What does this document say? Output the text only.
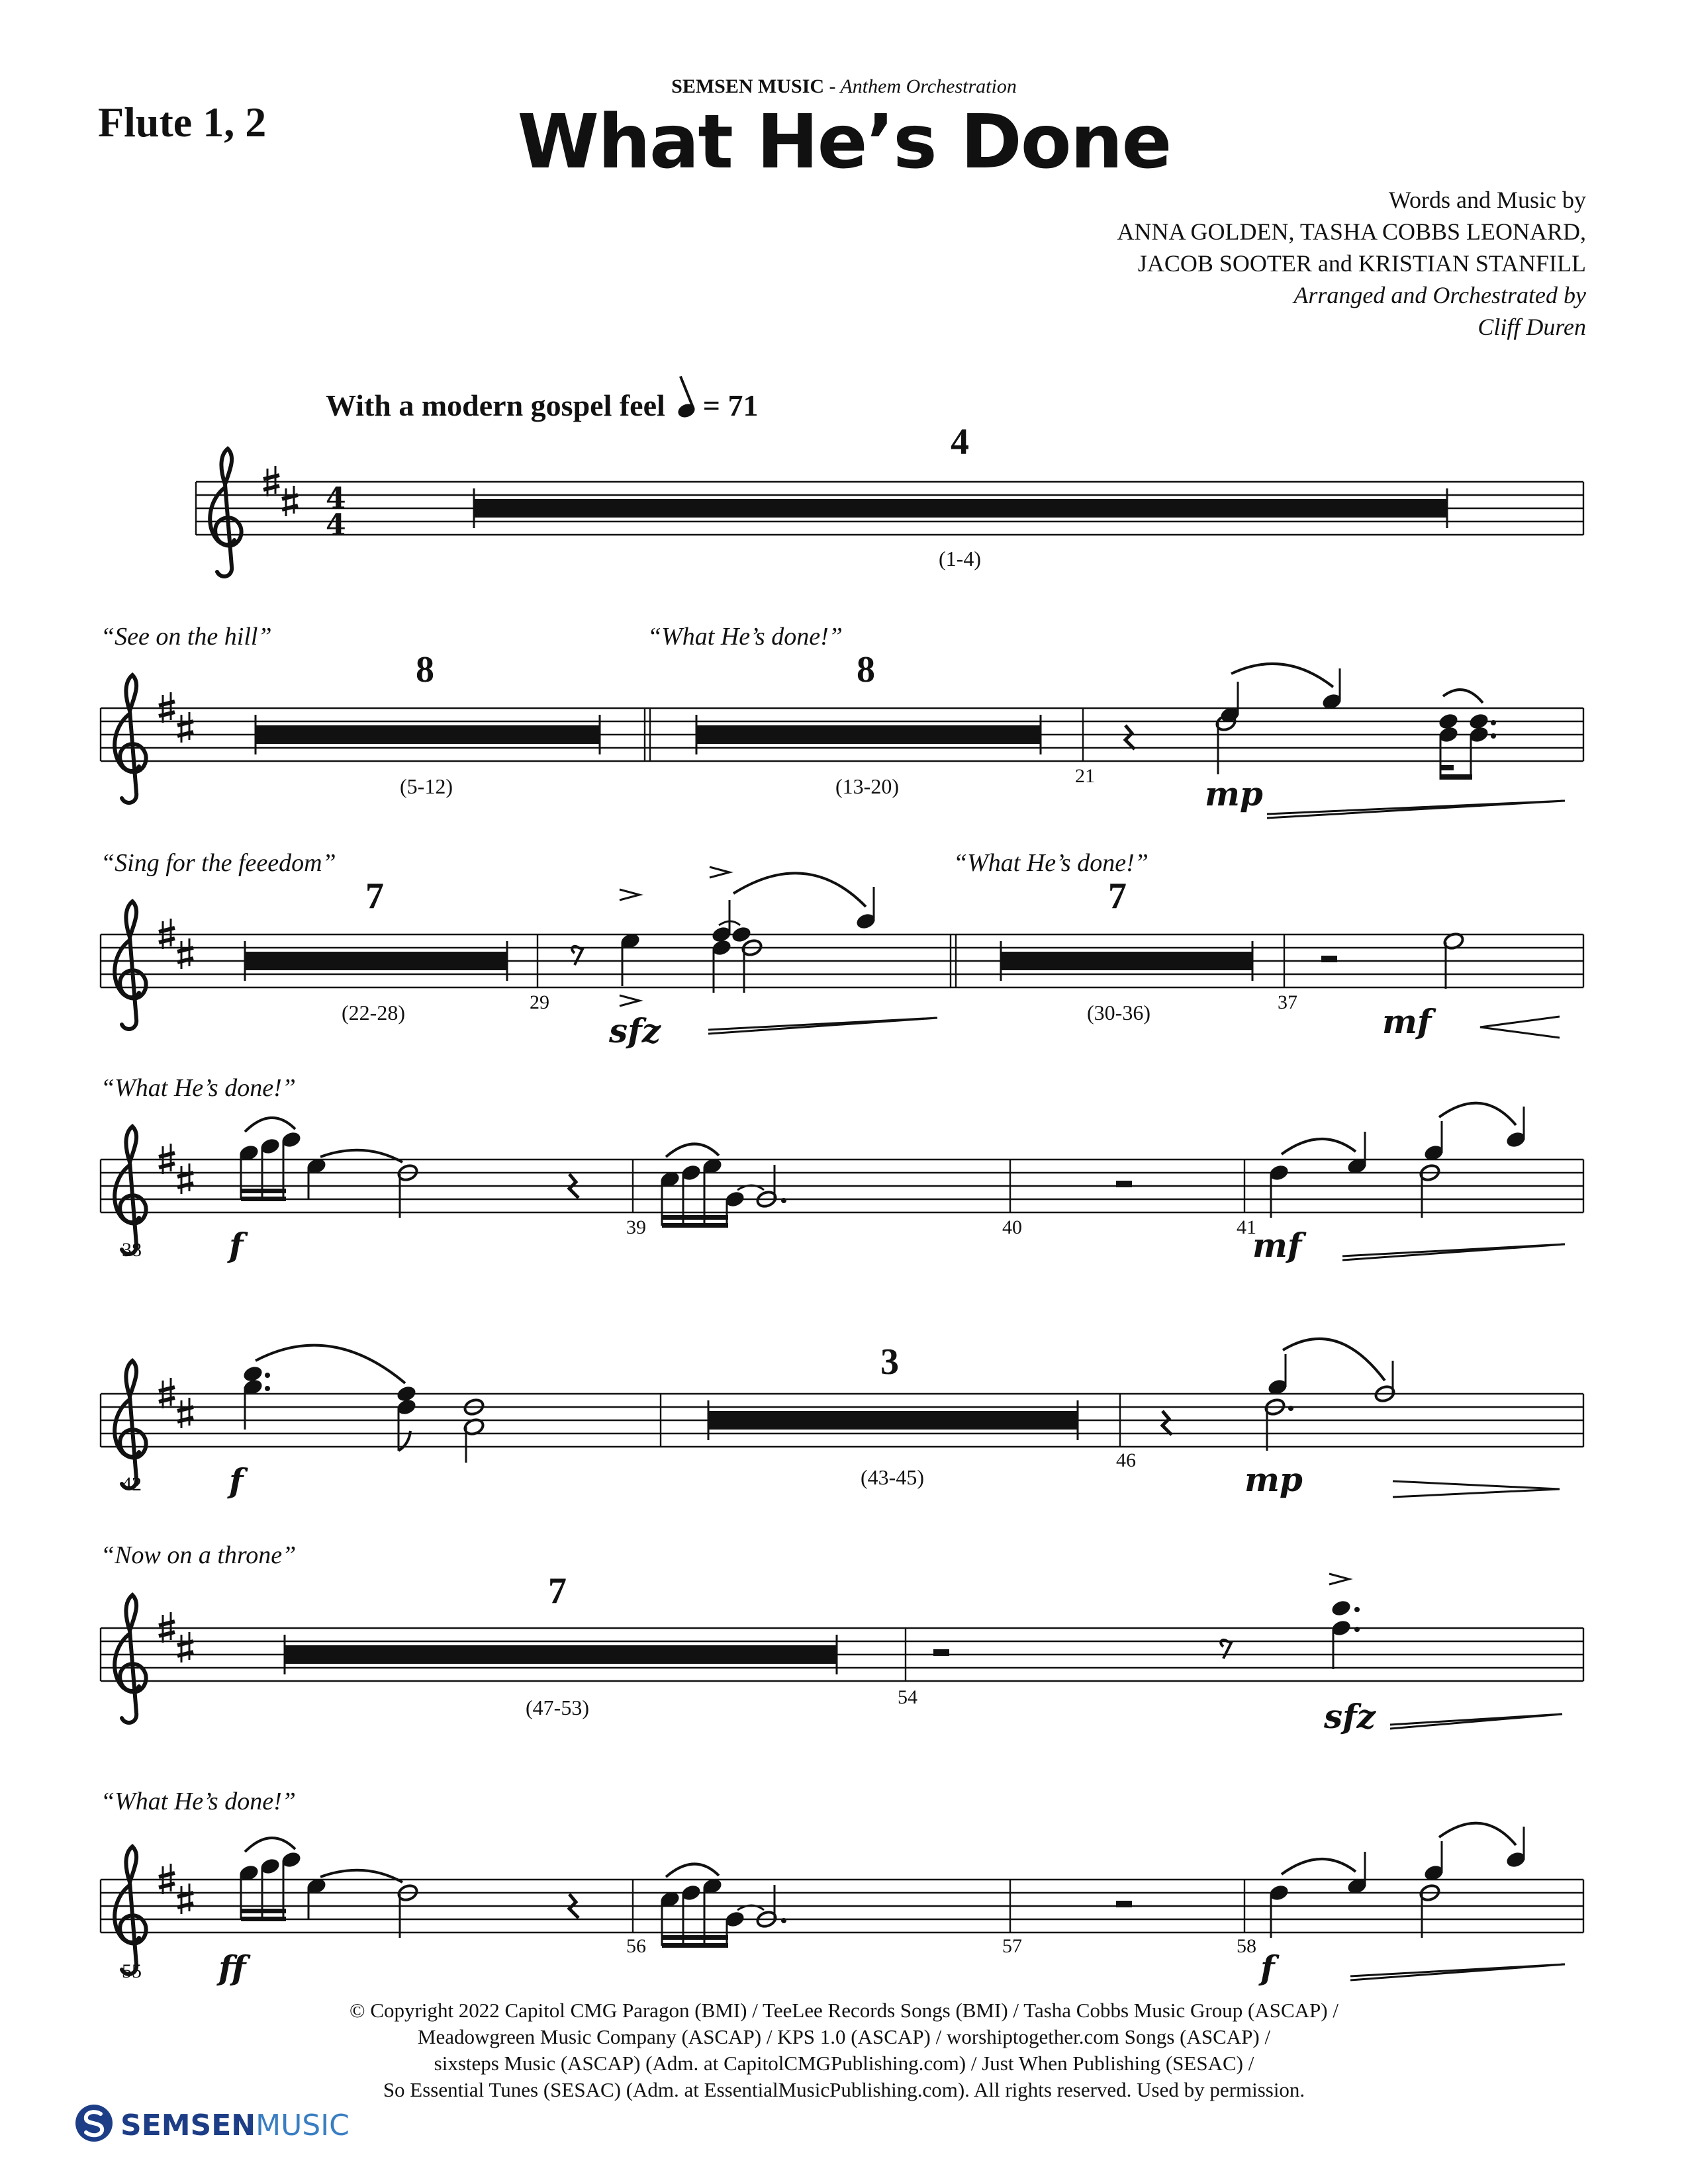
Flute 1, 2
SEMSEN MUSIC - Anthem Orchestration
What He’s Done
Words and Music by
ANNA GOLDEN, TASHA COBBS LEONARD,
JACOB SOOTER and KRISTIAN STANFILL
Arranged and Orchestrated by
Cliff Duren
With a modern gospel feel = 71
“See on the hill”	“What He’s done!”
“Sing for the feeedom”	“What He’s done!”
“What He’s done!”
“Now on a throne”
“What He’s done!”
4
(1-4)
8
(5-12)
8
(13-20)
7
(22-28)
7
(30-36)
3
(43-45)
7
(47-53)
21
29	37
38
39	40	41
42
46
54
55
56	57	58
mp
sfz	mf
f	mf
f	mp
sfz
ff	f
4
4
© Copyright 2022 Capitol CMG Paragon (BMI) / TeeLee Records Songs (BMI) / Tasha Cobbs Music Group (ASCAP) /
Meadowgreen Music Company (ASCAP) / KPS 1.0 (ASCAP) / worshiptogether.com Songs (ASCAP) /
sixsteps Music (ASCAP) (Adm. at CapitolCMGPublishing.com) / Just When Publishing (SESAC) /
So Essential Tunes (SESAC) (Adm. at EssentialMusicPublishing.com). All rights reserved. Used by permission.
SEMSENMUSIC
